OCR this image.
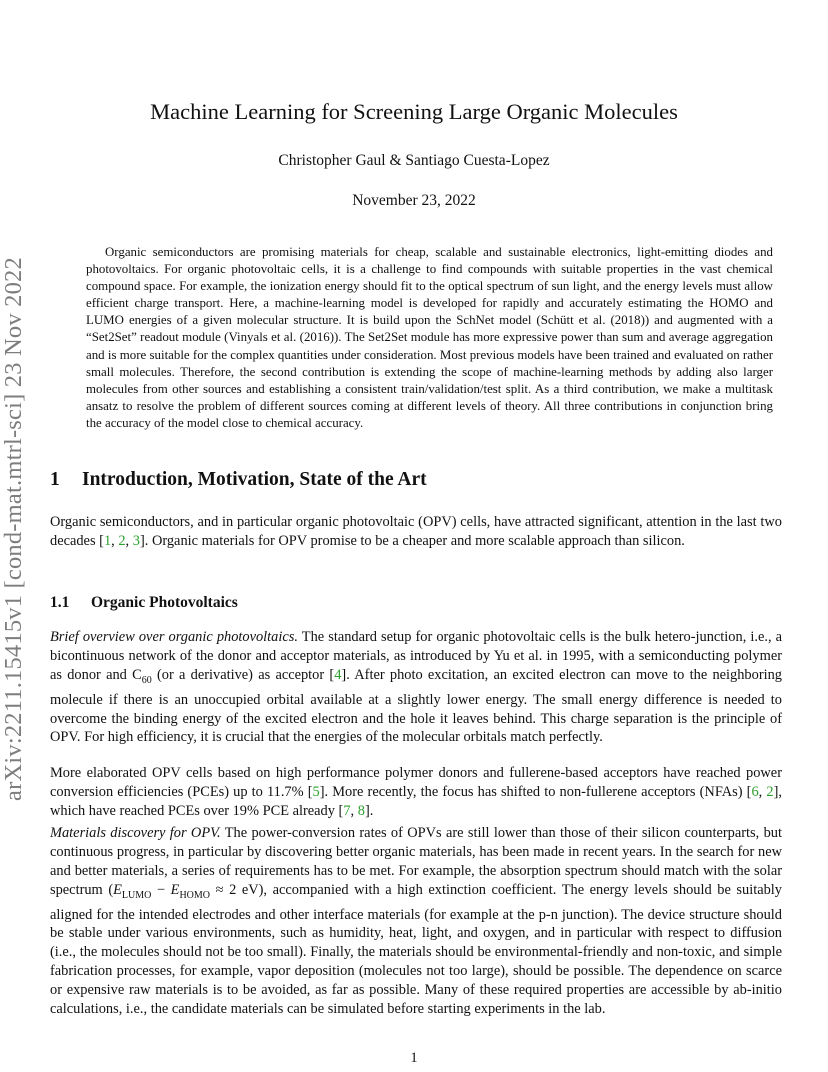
arXiv:2211.15415v1 [cond-mat.mtrl-sci] 23 Nov 2022
Machine Learning for Screening Large Organic Molecules
Christopher Gaul & Santiago Cuesta-Lopez
November 23, 2022
Organic semiconductors are promising materials for cheap, scalable and sustainable electronics, light-emitting diodes and photovoltaics. For organic photovoltaic cells, it is a challenge to find compounds with suitable properties in the vast chemical compound space. For example, the ionization energy should fit to the optical spectrum of sun light, and the energy levels must allow efficient charge transport. Here, a machine-learning model is developed for rapidly and accurately estimating the HOMO and LUMO energies of a given molecular structure. It is build upon the SchNet model (Schütt et al. (2018)) and augmented with a “Set2Set” readout module (Vinyals et al. (2016)). The Set2Set module has more expressive power than sum and average aggregation and is more suitable for the complex quantities under consideration. Most previous models have been trained and evaluated on rather small molecules. Therefore, the second contribution is extending the scope of machine-learning methods by adding also larger molecules from other sources and establishing a consistent train/validation/test split. As a third contribution, we make a multitask ansatz to resolve the problem of different sources coming at different levels of theory. All three contributions in conjunction bring the accuracy of the model close to chemical accuracy.
1 Introduction, Motivation, State of the Art
Organic semiconductors, and in particular organic photovoltaic (OPV) cells, have attracted significant, attention in the last two decades [1, 2, 3]. Organic materials for OPV promise to be a cheaper and more scalable approach than silicon.
1.1 Organic Photovoltaics
Brief overview over organic photovoltaics. The standard setup for organic photovoltaic cells is the bulk hetero-junction, i.e., a bicontinuous network of the donor and acceptor materials, as introduced by Yu et al. in 1995, with a semiconducting polymer as donor and $C_{60}$ (or a derivative) as acceptor [4]. After photo excitation, an excited electron can move to the neighboring molecule if there is an unoccupied orbital available at a slightly lower energy. The small energy difference is needed to overcome the binding energy of the excited electron and the hole it leaves behind. This charge separation is the principle of OPV. For high efficiency, it is crucial that the energies of the molecular orbitals match perfectly.
More elaborated OPV cells based on high performance polymer donors and fullerene-based acceptors have reached power conversion efficiencies (PCEs) up to 11.7% [5]. More recently, the focus has shifted to non-fullerene acceptors (NFAs) [6, 2], which have reached PCEs over 19% PCE already [7, 8].
Materials discovery for OPV. The power-conversion rates of OPVs are still lower than those of their silicon counterparts, but continuous progress, in particular by discovering better organic materials, has been made in recent years. In the search for new and better materials, a series of requirements has to be met. For example, the absorption spectrum should match with the solar spectrum ($E_{LUMO} - E_{HOMO} \approx 2$ eV), accompanied with a high extinction coefficient. The energy levels should be suitably aligned for the intended electrodes and other interface materials (for example at the p-n junction). The device structure should be stable under various environments, such as humidity, heat, light, and oxygen, and in particular with respect to diffusion (i.e., the molecules should not be too small). Finally, the materials should be environmental-friendly and non-toxic, and simple fabrication processes, for example, vapor deposition (molecules not too large), should be possible. The dependence on scarce or expensive raw materials is to be avoided, as far as possible. Many of these required properties are accessible by ab-initio calculations, i.e., the candidate materials can be simulated before starting experiments in the lab.
1
